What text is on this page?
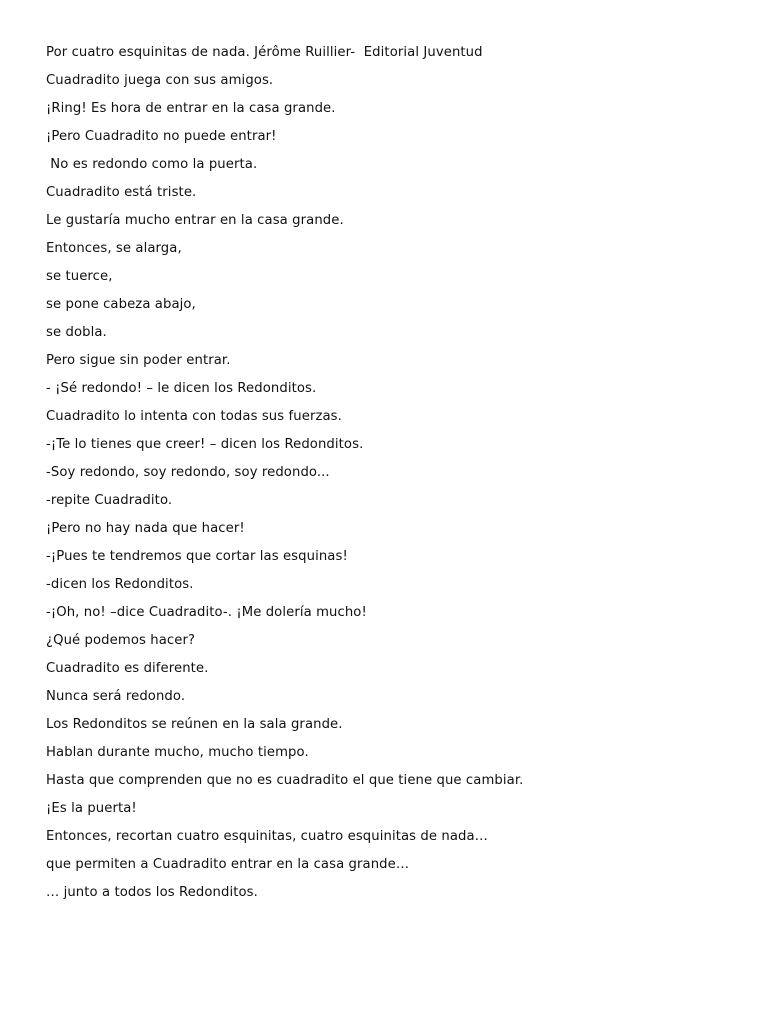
Por cuatro esquinitas de nada. Jérôme Ruillier-  Editorial Juventud
Cuadradito juega con sus amigos.
¡Ring! Es hora de entrar en la casa grande.
¡Pero Cuadradito no puede entrar!
No es redondo como la puerta.
Cuadradito está triste.
Le gustaría mucho entrar en la casa grande.
Entonces, se alarga,
se tuerce,
se pone cabeza abajo,
se dobla.
Pero sigue sin poder entrar.
- ¡Sé redondo! – le dicen los Redonditos.
Cuadradito lo intenta con todas sus fuerzas.
-¡Te lo tienes que creer! – dicen los Redonditos.
-Soy redondo, soy redondo, soy redondo...
-repite Cuadradito.
¡Pero no hay nada que hacer!
-¡Pues te tendremos que cortar las esquinas!
-dicen los Redonditos.
-¡Oh, no! –dice Cuadradito-. ¡Me dolería mucho!
¿Qué podemos hacer?
Cuadradito es diferente.
Nunca será redondo.
Los Redonditos se reúnen en la sala grande.
Hablan durante mucho, mucho tiempo.
Hasta que comprenden que no es cuadradito el que tiene que cambiar.
¡Es la puerta!
Entonces, recortan cuatro esquinitas, cuatro esquinitas de nada…
que permiten a Cuadradito entrar en la casa grande…
… junto a todos los Redonditos.
